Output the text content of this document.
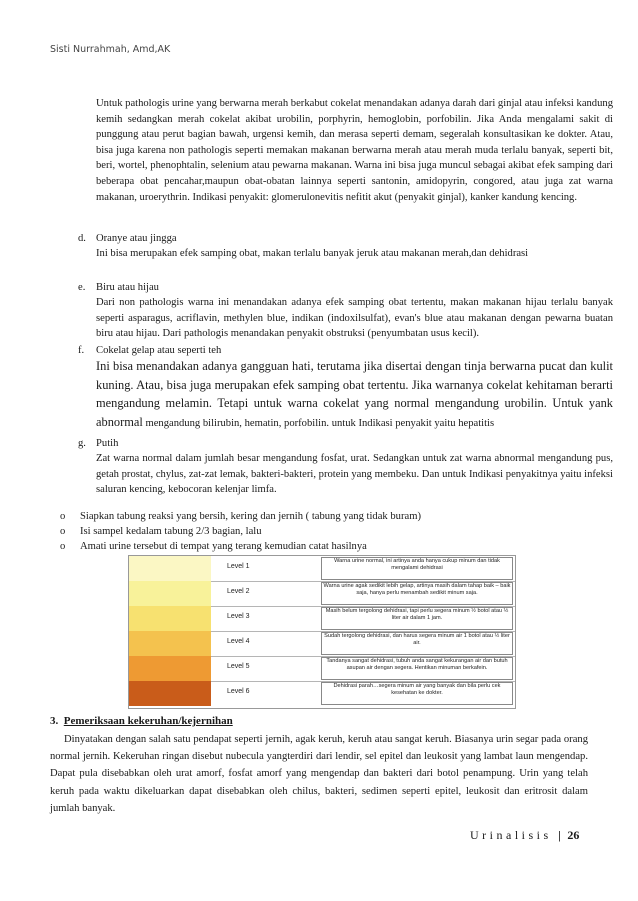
Sisti Nurrahmah, Amd,AK
Untuk pathologis urine yang berwarna merah berkabut cokelat menandakan adanya darah dari ginjal atau infeksi kandung kemih sedangkan merah cokelat akibat urobilin, porphyrin, hemoglobin, porfobilin. Jika Anda mengalami sakit di punggung atau perut bagian bawah, urgensi kemih, dan merasa seperti demam, segeralah konsultasikan ke dokter. Atau, bisa juga karena non pathologis seperti memakan makanan berwarna merah atau merah muda terlalu banyak, seperti bit, beri, wortel, phenophtalin, selenium atau pewarna makanan. Warna ini bisa juga muncul sebagai akibat efek samping dari beberapa obat pencahar,maupun obat-obatan lainnya seperti santonin, amidopyrin, congored, atau juga zat warna makanan, uroerythrin. Indikasi penyakit: glomerulonevitis nefitit akut (penyakit ginjal), kanker kandung kencing.
d. Oranye atau jingga
Ini bisa merupakan efek samping obat, makan terlalu banyak jeruk atau makanan merah,dan dehidrasi
e. Biru atau hijau
Dari non pathologis warna ini menandakan adanya efek samping obat tertentu, makan makanan hijau terlalu banyak seperti asparagus, acriflavin, methylen blue, indikan (indoxilsulfat), evan's blue atau makanan dengan pewarna buatan biru atau hijau. Dari pathologis menandakan penyakit obstruksi (penyumbatan usus kecil).
f. Cokelat gelap atau seperti teh
Ini bisa menandakan adanya gangguan hati, terutama jika disertai dengan tinja berwarna pucat dan kulit kuning. Atau, bisa juga merupakan efek samping obat tertentu. Jika warnanya cokelat kehitaman berarti mengandung melamin. Tetapi untuk warna cokelat yang normal mengandung urobilin. Untuk yank abnormal mengandung bilirubin, hematin, porfobilin. untuk Indikasi penyakit yaitu hepatitis
g. Putih
Zat warna normal dalam jumlah besar mengandung fosfat, urat. Sedangkan untuk zat warna abnormal mengandung pus, getah prostat, chylus, zat-zat lemak, bakteri-bakteri, protein yang membeku. Dan untuk Indikasi penyakitnya yaitu infeksi saluran kencing, kebocoran kelenjar limfa.
o Siapkan tabung reaksi yang bersih, kering dan jernih ( tabung yang tidak buram)
o Isi sampel kedalam tabung 2/3 bagian, lalu
o Amati urine tersebut di tempat yang terang kemudian catat hasilnya
Level 1
Warna urine normal, ini artinya anda hanya cukup minum dan tidak mengalami dehidrasi
Level 2
Warna urine agak sedikit lebih gelap, artinya masih dalam tahap baik – baik saja, hanya perlu menambah sedikit minum saja.
Level 3
Masih belum tergolong dehidrasi, tapi perlu segera minum ½ botol atau ½ liter air dalam 1 jam.
Level 4
Sudah tergolong dehidrasi, dan harus segera minum air 1 botol atau ½ liter air.
Level 5
Tandanya sangat dehidrasi, tubuh anda sangat kekurangan air dan butuh asupan air dengan segera. Hentikan minuman berkafein.
Level 6
Dehidrasi parah…segera minum air yang banyak dan bila perlu cek kesehatan ke dokter.
3. Pemeriksaan kekeruhan/kejernihan
Dinyatakan dengan salah satu pendapat seperti jernih, agak keruh, keruh atau sangat keruh. Biasanya urin segar pada orang normal jernih. Kekeruhan ringan disebut nubecula yangterdiri dari lendir, sel epitel dan leukosit yang lambat laun mengendap. Dapat pula disebabkan oleh urat amorf, fosfat amorf yang mengendap dan bakteri dari botol penampung. Urin yang telah keruh pada waktu dikeluarkan dapat disebabkan oleh chilus, bakteri, sedimen seperti epitel, leukosit dan eritrosit dalam jumlah banyak.
Urinalisis | 26
